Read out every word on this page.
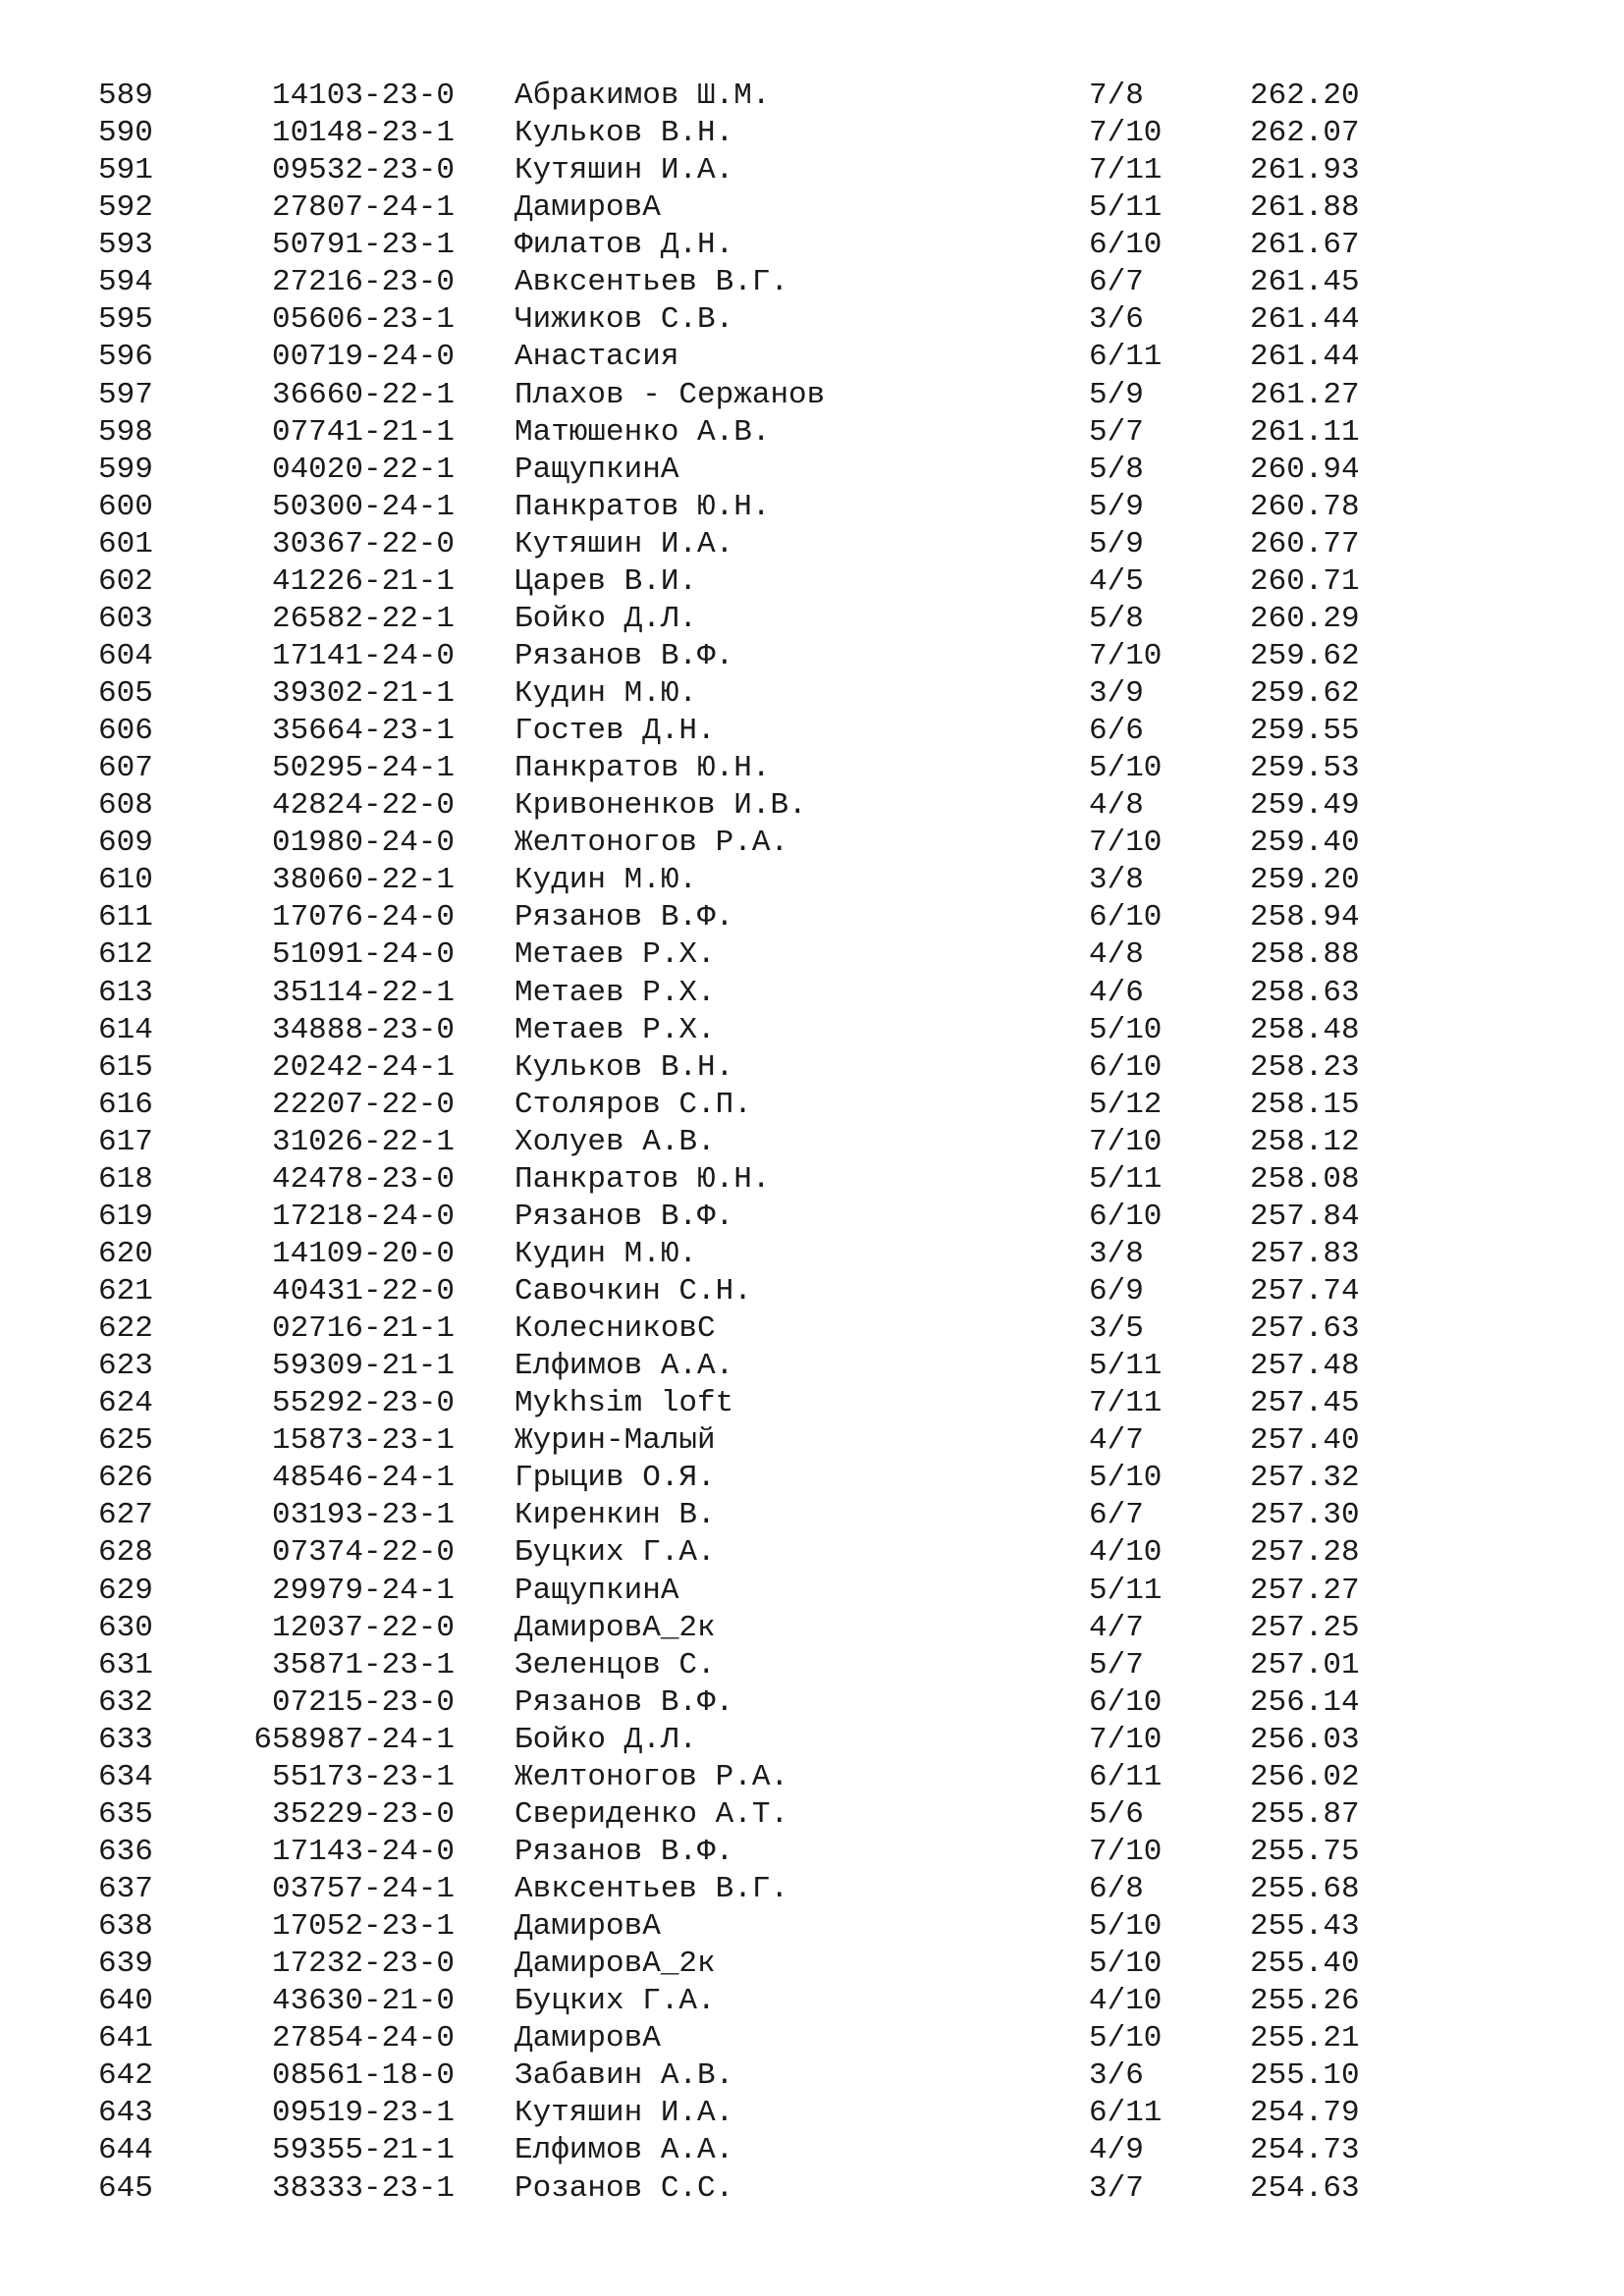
589	14103-23-0 Абракимов Ш.М.	7/8	262.20
590	10148-23-1 Кульков В.Н.	7/10	262.07
591	09532-23-0 Кутяшин И.А.	7/11	261.93
592	27807-24-1 ДамировА	5/11	261.88
593	50791-23-1 Филатов Д.Н.	6/10	261.67
594	27216-23-0 Авксентьев В.Г.	6/7	261.45
595	05606-23-1 Чижиков С.В.	3/6	261.44
596	00719-24-0 Анастасия	6/11	261.44
597	36660-22-1 Плахов - Сержанов	5/9	261.27
598	07741-21-1 Матюшенко А.В.	5/7	261.11
599	04020-22-1 РащупкинА	5/8	260.94
600	50300-24-1 Панкратов Ю.Н.	5/9	260.78
601	30367-22-0 Кутяшин И.А.	5/9	260.77
602	41226-21-1 Царев В.И.	4/5	260.71
603	26582-22-1 Бойко Д.Л.	5/8	260.29
604	17141-24-0 Рязанов В.Ф.	7/10	259.62
605	39302-21-1 Кудин М.Ю.	3/9	259.62
606	35664-23-1 Гостев Д.Н.	6/6	259.55
607	50295-24-1 Панкратов Ю.Н.	5/10	259.53
608	42824-22-0 Кривоненков И.В.	4/8	259.49
609	01980-24-0 Желтоногов Р.А.	7/10	259.40
610	38060-22-1 Кудин М.Ю.	3/8	259.20
611	17076-24-0 Рязанов В.Ф.	6/10	258.94
612	51091-24-0 Метаев Р.Х.	4/8	258.88
613	35114-22-1 Метаев Р.Х.	4/6	258.63
614	34888-23-0 Метаев Р.Х.	5/10	258.48
615	20242-24-1 Кульков В.Н.	6/10	258.23
616	22207-22-0 Столяров С.П.	5/12	258.15
617	31026-22-1 Холуев А.В.	7/10	258.12
618	42478-23-0 Панкратов Ю.Н.	5/11	258.08
619	17218-24-0 Рязанов В.Ф.	6/10	257.84
620	14109-20-0 Кудин М.Ю.	3/8	257.83
621	40431-22-0 Савочкин С.Н.	6/9	257.74
622	02716-21-1 КолесниковС	3/5	257.63
623	59309-21-1 Елфимов А.А.	5/11	257.48
624	55292-23-0 Mykhsim loft	7/11	257.45
625	15873-23-1 Журин-Малый	4/7	257.40
626	48546-24-1 Грыцив О.Я.	5/10	257.32
627	03193-23-1 Киренкин В.	6/7	257.30
628	07374-22-0 Буцких Г.А.	4/10	257.28
629	29979-24-1 РащупкинА	5/11	257.27
630	12037-22-0 ДамировА_2к	4/7	257.25
631	35871-23-1 Зеленцов С.	5/7	257.01
632	07215-23-0 Рязанов В.Ф.	6/10	256.14
633	658987-24-1 Бойко Д.Л.	7/10	256.03
634	55173-23-1 Желтоногов Р.А.	6/11	256.02
635	35229-23-0 Свериденко А.Т.	5/6	255.87
636	17143-24-0 Рязанов В.Ф.	7/10	255.75
637	03757-24-1 Авксентьев В.Г.	6/8	255.68
638	17052-23-1 ДамировА	5/10	255.43
639	17232-23-0 ДамировА_2к	5/10	255.40
640	43630-21-0 Буцких Г.А.	4/10	255.26
641	27854-24-0 ДамировА	5/10	255.21
642	08561-18-0 Забавин А.В.	3/6	255.10
643	09519-23-1 Кутяшин И.А.	6/11	254.79
644	59355-21-1 Елфимов А.А.	4/9	254.73
645	38333-23-1 Розанов С.С.	3/7	254.63
